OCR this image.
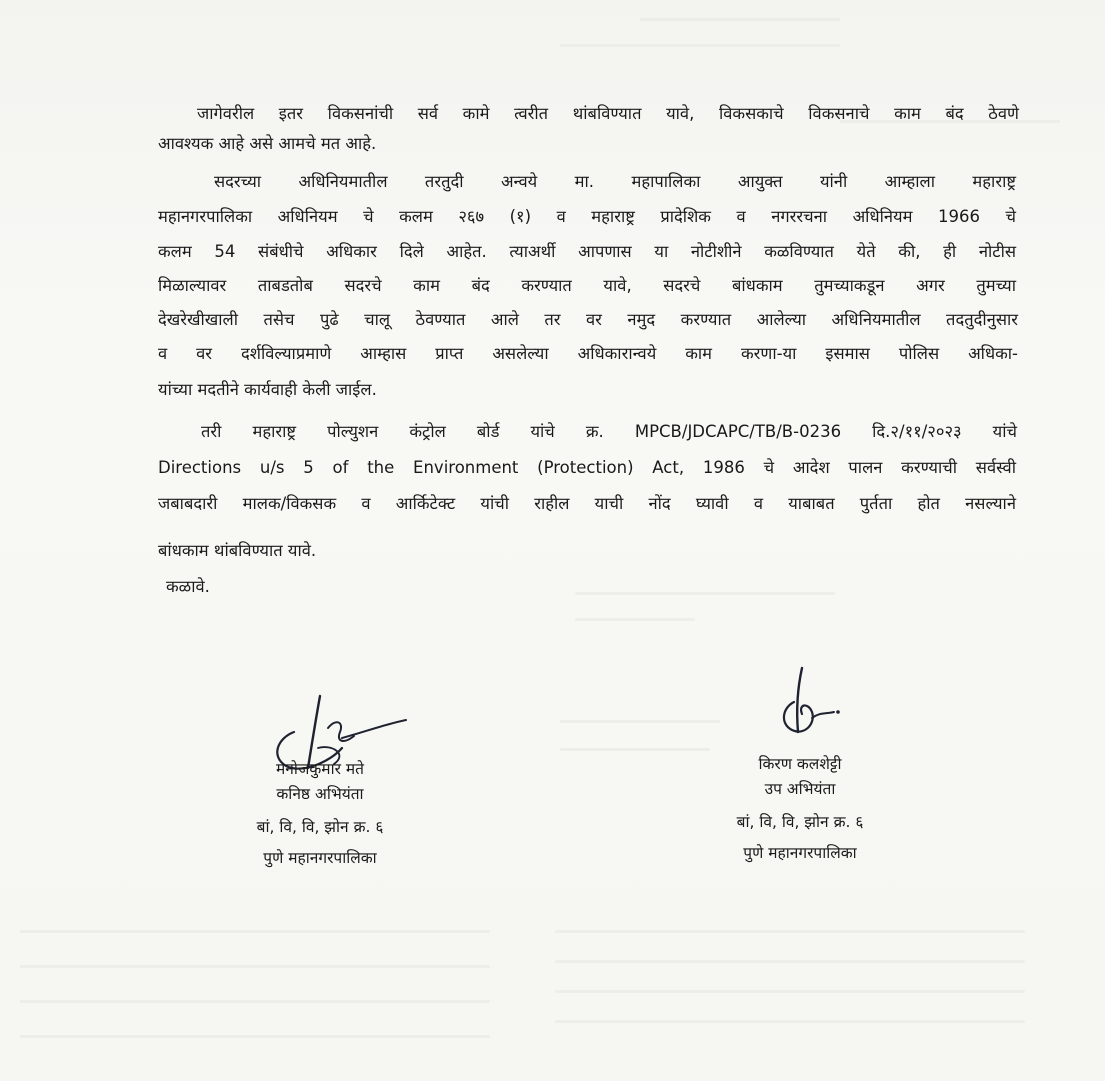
जागेवरील इतर विकसनांची सर्व कामे त्वरीत थांबविण्यात यावे, विकसकाचे विकसनाचे काम बंद ठेवणे
आवश्यक आहे असे आमचे मत आहे.
सदरच्या अधिनियमातील तरतुदी अन्वये मा. महापालिका आयुक्त यांनी आम्हाला महाराष्ट्र
महानगरपालिका अधिनियम चे कलम २६७ (१) व महाराष्ट्र प्रादेशिक व नगररचना अधिनियम 1966 चे
कलम 54 संबंधीचे अधिकार दिले आहेत. त्याअर्थी आपणास या नोटीशीने कळविण्यात येते की, ही नोटीस
मिळाल्यावर ताबडतोब सदरचे काम बंद करण्यात यावे, सदरचे बांधकाम तुमच्याकडून अगर तुमच्या
देखरेखीखाली तसेच पुढे चालू ठेवण्यात आले तर वर नमुद करण्यात आलेल्या अधिनियमातील तदतुदीनुसार
व वर दर्शविल्याप्रमाणे आम्हास प्राप्त असलेल्या अधिकारान्वये काम करणा-या इसमास पोलिस अधिका-
यांच्या मदतीने कार्यवाही केली जाईल.
तरी महाराष्ट्र पोल्युशन कंट्रोल बोर्ड यांचे क्र. MPCB/JDCAPC/TB/B-0236 दि.२/११/२०२३ यांचे
Directions u/s 5 of the Environment (Protection) Act, 1986 चे आदेश पालन करण्याची सर्वस्वी
जबाबदारी मालक/विकसक व आर्किटेक्ट यांची राहील याची नोंद घ्यावी व याबाबत पुर्तता होत नसल्याने
बांधकाम थांबविण्यात यावे.
कळावे.
मनोजकुमार मते
कनिष्ठ अभियंता
बां, वि, वि, झोन क्र. ६
पुणे महानगरपालिका
किरण कलशेट्टी
उप अभियंता
बां, वि, वि, झोन क्र. ६
पुणे महानगरपालिका
